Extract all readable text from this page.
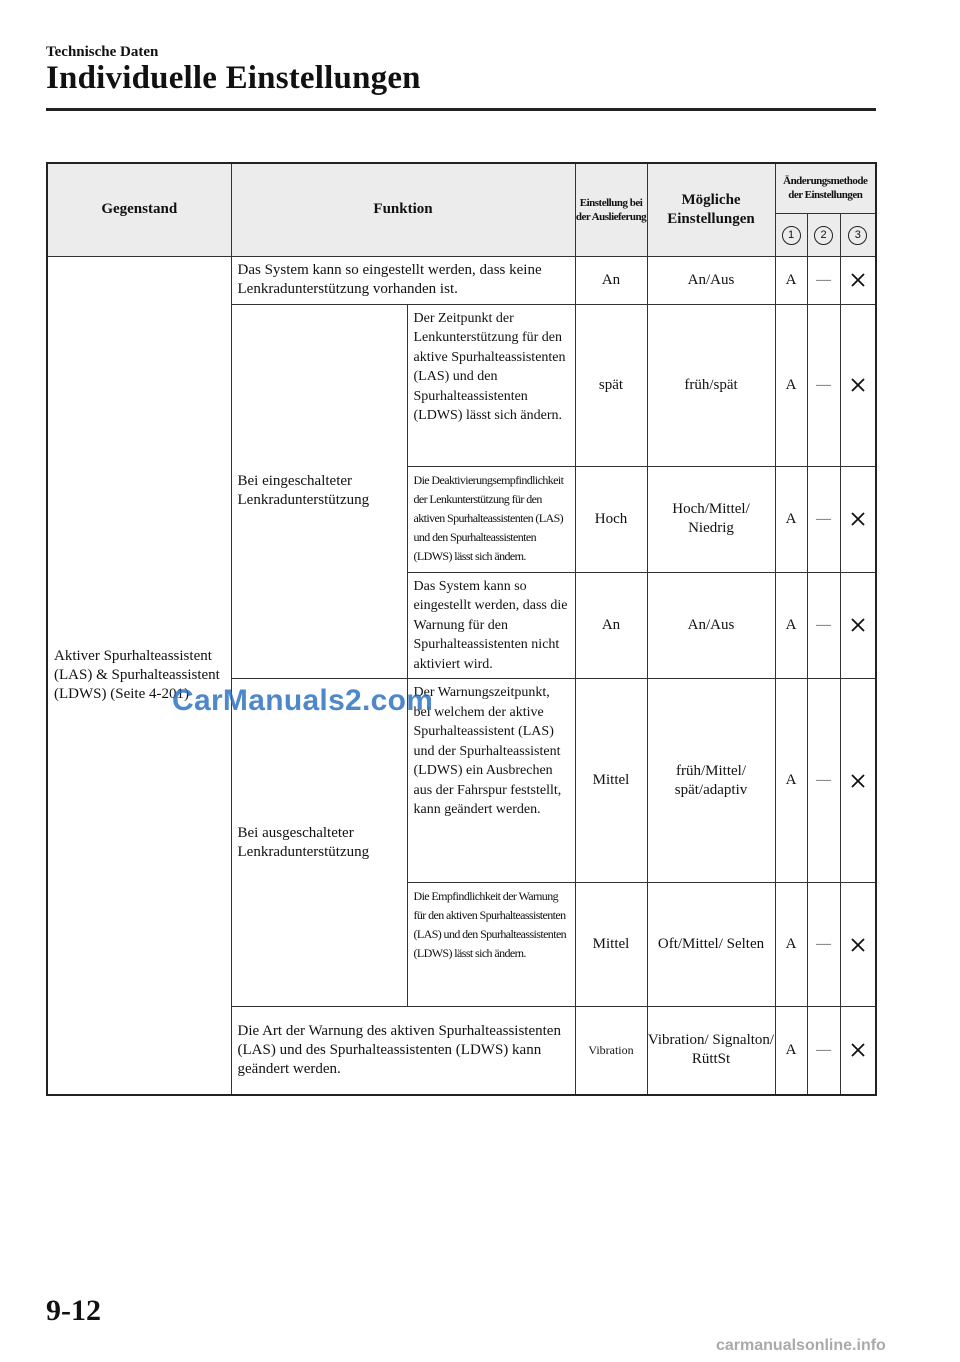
Technische Daten
Individuelle Einstellungen
Gegenstand	Funktion		Einstellung bei der Auslieferung	Mögliche Einstellungen	Änderungsmethode der Einstellungen		
					1	2	3
Aktiver Spurhalteassistent (LAS) & Spurhalteassistent (LDWS) (Seite 4-201)	Das System kann so eingestellt werden, dass keine Lenkradunterstützung vorhanden ist.		An	An/Aus	A	—	
	Bei eingeschalteter Lenkradunterstützung	Der Zeitpunkt der Lenkunterstützung für den aktive Spurhalteassistenten (LAS) und den Spurhalteassistenten (LDWS) lässt sich ändern.	spät	früh/spät	A	—	
		Die Deaktivierungsempfindlichkeit der Lenkunterstützung für den aktiven Spurhalteassistenten (LAS) und den Spurhalteassistenten (LDWS) lässt sich ändern.	Hoch	Hoch/Mittel/ Niedrig	A	—	
		Das System kann so eingestellt werden, dass die Warnung für den Spurhalteassistenten nicht aktiviert wird.	An	An/Aus	A	—	
	Bei ausgeschalteter Lenkradunterstützung	Der Warnungszeitpunkt, bei welchem der aktive Spurhalteassistent (LAS) und der Spurhalteassistent (LDWS) ein Ausbrechen aus der Fahrspur feststellt, kann geändert werden.	Mittel	früh/Mittel/ spät/adaptiv	A	—	
		Die Empfindlichkeit der Warnung für den aktiven Spurhalteassistenten (LAS) und den Spurhalteassistenten (LDWS) lässt sich ändern.	Mittel	Oft/Mittel/ Selten	A	—	
	Die Art der Warnung des aktiven Spurhalteassistenten (LAS) und des Spurhalteassistenten (LDWS) kann geändert werden.		Vibration	Vibration/ Signalton/ RüttSt	A	—	
CarManuals2.com
9-12
carmanualsonline.info
